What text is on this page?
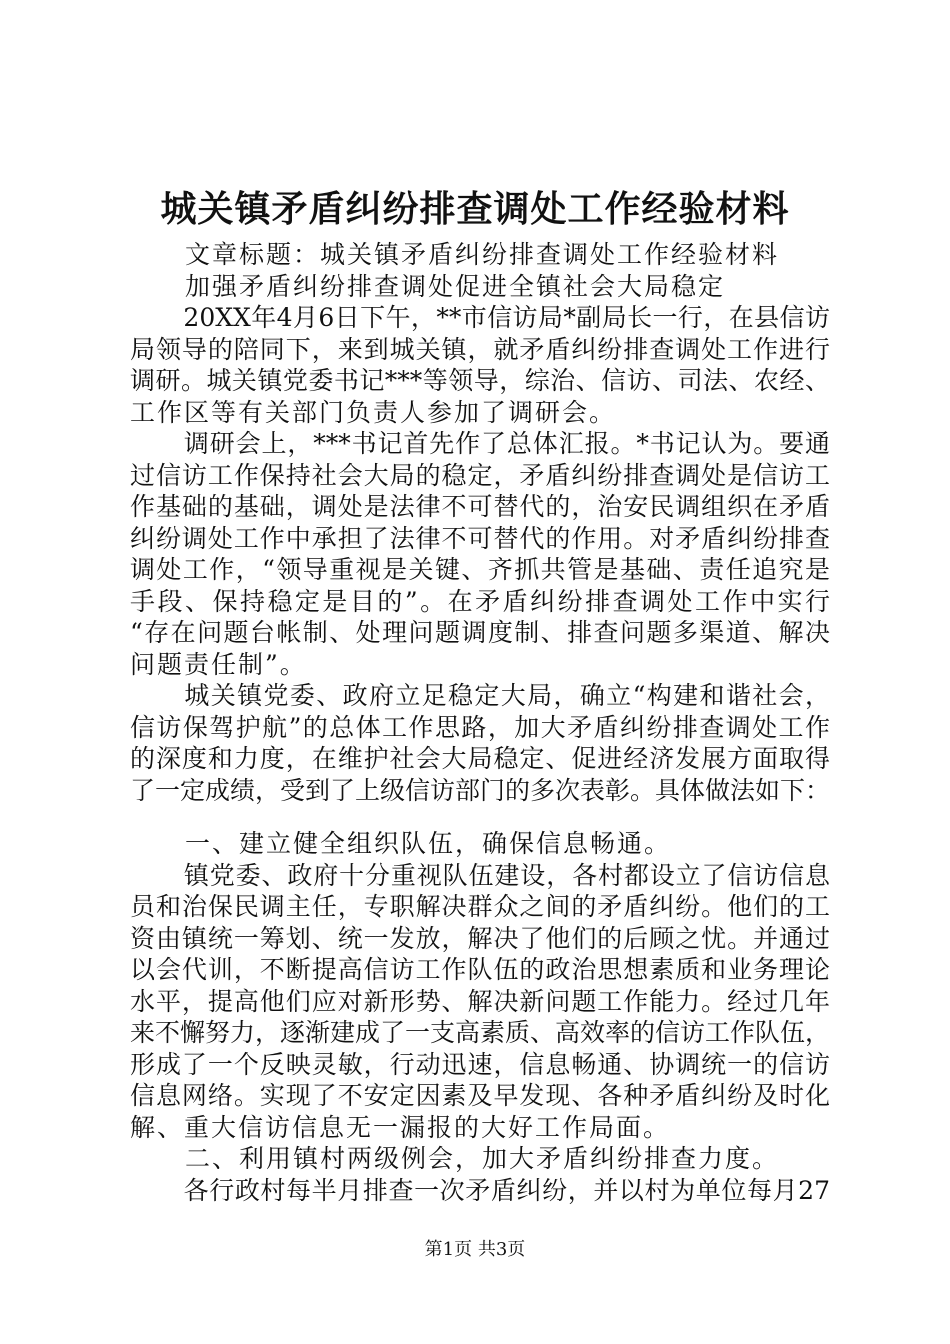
城关镇矛盾纠纷排查调处工作经验材料
　文章标题：城关镇矛盾纠纷排查调处工作经验材料
　加强矛盾纠纷排查调处促进全镇社会大局稳定
　20XX年4月6日下午，**市信访局*副局长一行，在县信访
局领导的陪同下，来到城关镇，就矛盾纠纷排查调处工作进行
调研。城关镇党委书记***等领导，综治、信访、司法、农经、
工作区等有关部门负责人参加了调研会。
　调研会上，***书记首先作了总体汇报。*书记认为。要通
过信访工作保持社会大局的稳定，矛盾纠纷排查调处是信访工
作基础的基础，调处是法律不可替代的，治安民调组织在矛盾
纠纷调处工作中承担了法律不可替代的作用。对矛盾纠纷排查
调处工作，“领导重视是关键、齐抓共管是基础、责任追究是
手段、保持稳定是目的”。在矛盾纠纷排查调处工作中实行
“存在问题台帐制、处理问题调度制、排查问题多渠道、解决
问题责任制”。
　城关镇党委、政府立足稳定大局，确立“构建和谐社会，
信访保驾护航”的总体工作思路，加大矛盾纠纷排查调处工作
的深度和力度，在维护社会大局稳定、促进经济发展方面取得
了一定成绩，受到了上级信访部门的多次表彰。具体做法如下：
　一、建立健全组织队伍，确保信息畅通。
　镇党委、政府十分重视队伍建设，各村都设立了信访信息
员和治保民调主任，专职解决群众之间的矛盾纠纷。他们的工
资由镇统一筹划、统一发放，解决了他们的后顾之忧。并通过
以会代训，不断提高信访工作队伍的政治思想素质和业务理论
水平，提高他们应对新形势、解决新问题工作能力。经过几年
来不懈努力，逐渐建成了一支高素质、高效率的信访工作队伍，
形成了一个反映灵敏，行动迅速，信息畅通、协调统一的信访
信息网络。实现了不安定因素及早发现、各种矛盾纠纷及时化
解、重大信访信息无一漏报的大好工作局面。
　二、利用镇村两级例会，加大矛盾纠纷排查力度。
　各行政村每半月排查一次矛盾纠纷，并以村为单位每月27
第1页 共3页
